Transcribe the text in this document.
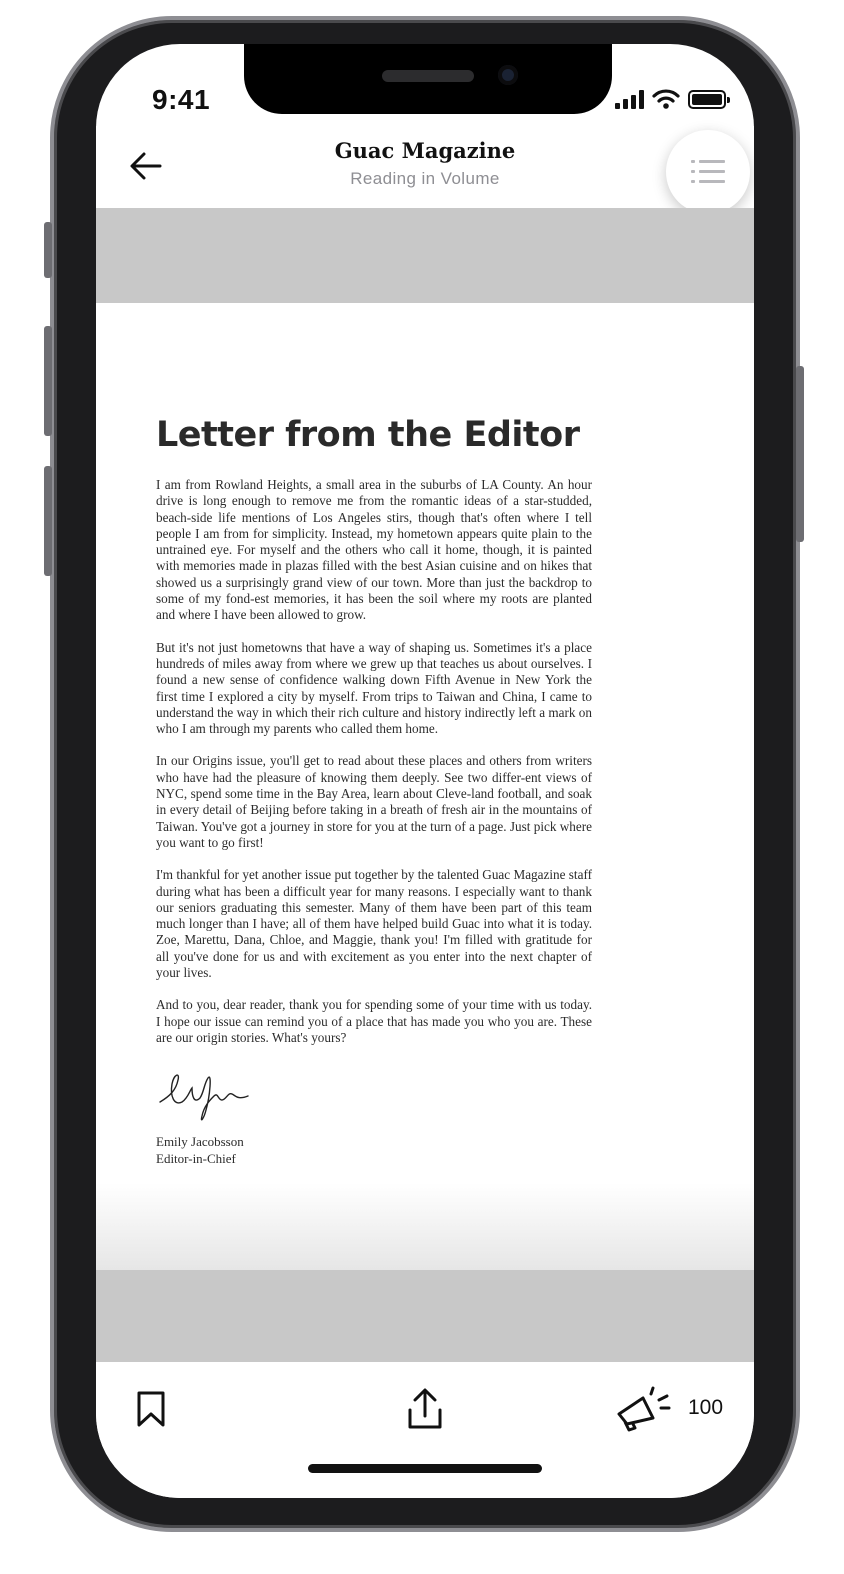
9:41
Guac Magazine
Reading in Volume
Letter from the Editor

I am from Rowland Heights, a small area in the suburbs of LA County. An hour drive is long enough to remove me from the romantic ideas of a star-studded, beach-side life mentions of Los Angeles stirs, though that's often where I tell people I am from for simplicity. Instead, my hometown appears quite plain to the untrained eye. For myself and the others who call it home, though, it is painted with memories made in plazas filled with the best Asian cuisine and on hikes that showed us a surprisingly grand view of our town. More than just the backdrop to some of my fond-est memories, it has been the soil where my roots are planted and where I have been allowed to grow.

But it's not just hometowns that have a way of shaping us. Sometimes it's a place hundreds of miles away from where we grew up that teaches us about ourselves. I found a new sense of confidence walking down Fifth Avenue in New York the first time I explored a city by myself. From trips to Taiwan and China, I came to understand the way in which their rich culture and history indirectly left a mark on who I am through my parents who called them home.

In our Origins issue, you'll get to read about these places and others from writers who have had the pleasure of knowing them deeply. See two differ-ent views of NYC, spend some time in the Bay Area, learn about Cleve-land football, and soak in every detail of Beijing before taking in a breath of fresh air in the mountains of Taiwan. You've got a journey in store for you at the turn of a page. Just pick where you want to go first!

I'm thankful for yet another issue put together by the talented Guac Magazine staff during what has been a difficult year for many reasons. I especially want to thank our seniors graduating this semester. Many of them have been part of this team much longer than I have; all of them have helped build Guac into what it is today. Zoe, Marettu, Dana, Chloe, and Maggie, thank you! I'm filled with gratitude for all you've done for us and with excitement as you enter into the next chapter of your lives.

And to you, dear reader, thank you for spending some of your time with us today. I hope our issue can remind you of a place that has made you who you are. These are our origin stories. What's yours?

Emily Jacobsson
Editor-in-Chief
100
